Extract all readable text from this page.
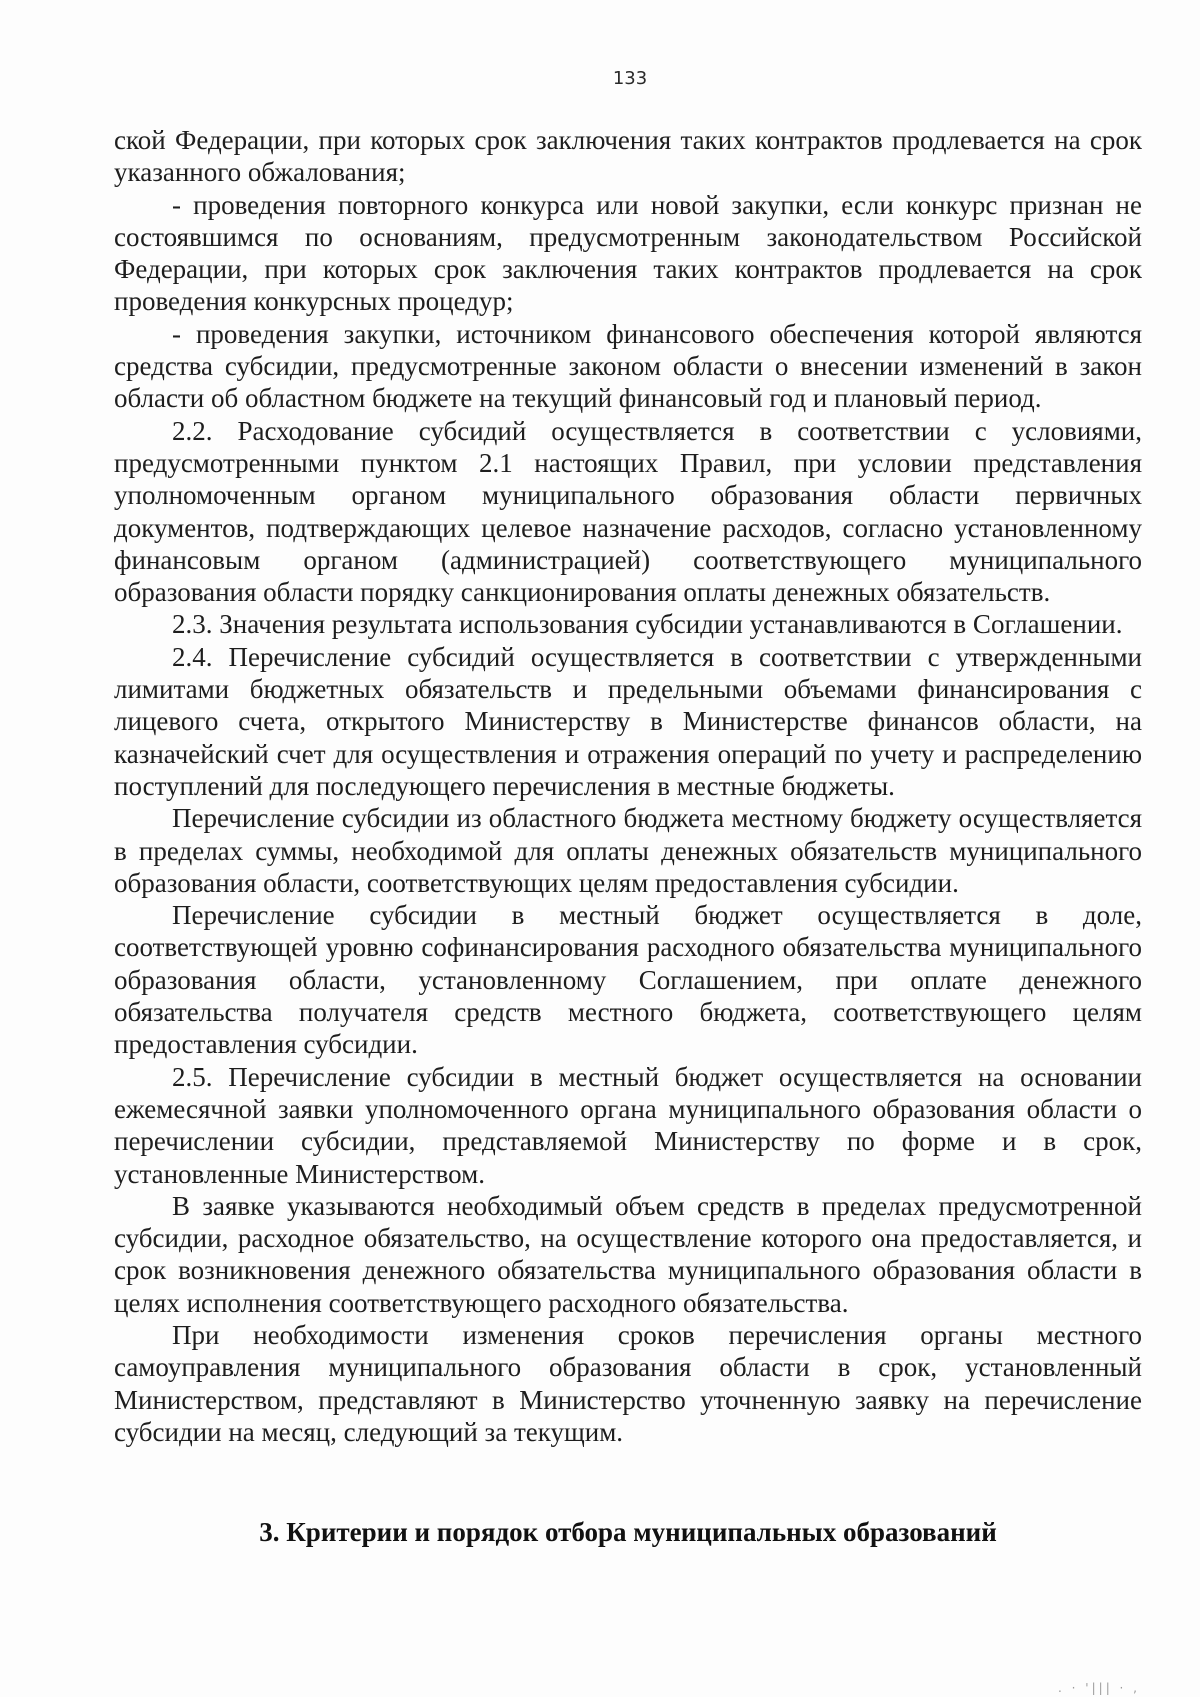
133

ской Федерации, при которых срок заключения таких контрактов продлевается на срок указанного обжалования;

- проведения повторного конкурса или новой закупки, если конкурс признан не состоявшимся по основаниям, предусмотренным законодательством Российской Федерации, при которых срок заключения таких контрактов продлевается на срок проведения конкурсных процедур;

- проведения закупки, источником финансового обеспечения которой являются средства субсидии, предусмотренные законом области о внесении изменений в закон области об областном бюджете на текущий финансовый год и плановый период.

2.2. Расходование субсидий осуществляется в соответствии с условиями, предусмотренными пунктом 2.1 настоящих Правил, при условии представления уполномоченным органом муниципального образования области первичных документов, подтверждающих целевое назначение расходов, согласно установленному финансовым органом (администрацией) соответствующего муниципального образования области порядку санкционирования оплаты денежных обязательств.

2.3. Значения результата использования субсидии устанавливаются в Соглашении.

2.4. Перечисление субсидий осуществляется в соответствии с утвержденными лимитами бюджетных обязательств и предельными объемами финансирования с лицевого счета, открытого Министерству в Министерстве финансов области, на казначейский счет для осуществления и отражения операций по учету и распределению поступлений для последующего перечисления в местные бюджеты.

Перечисление субсидии из областного бюджета местному бюджету осуществляется в пределах суммы, необходимой для оплаты денежных обязательств муниципального образования области, соответствующих целям предоставления субсидии.

Перечисление субсидии в местный бюджет осуществляется в доле, соответствующей уровню софинансирования расходного обязательства муниципального образования области, установленному Соглашением, при оплате денежного обязательства получателя средств местного бюджета, соответствующего целям предоставления субсидии.

2.5. Перечисление субсидии в местный бюджет осуществляется на основании ежемесячной заявки уполномоченного органа муниципального образования области о перечислении субсидии, представляемой Министерству по форме и в срок, установленные Министерством.

В заявке указываются необходимый объем средств в пределах предусмотренной субсидии, расходное обязательство, на осуществление которого она предоставляется, и срок возникновения денежного обязательства муниципального образования области в целях исполнения соответствующего расходного обязательства.

При необходимости изменения сроков перечисления органы местного самоуправления муниципального образования области в срок, установленный Министерством, представляют в Министерство уточненную заявку на перечисление субсидии на месяц, следующий за текущим.

3. Критерии и порядок отбора муниципальных образований
. · '||| · ,
